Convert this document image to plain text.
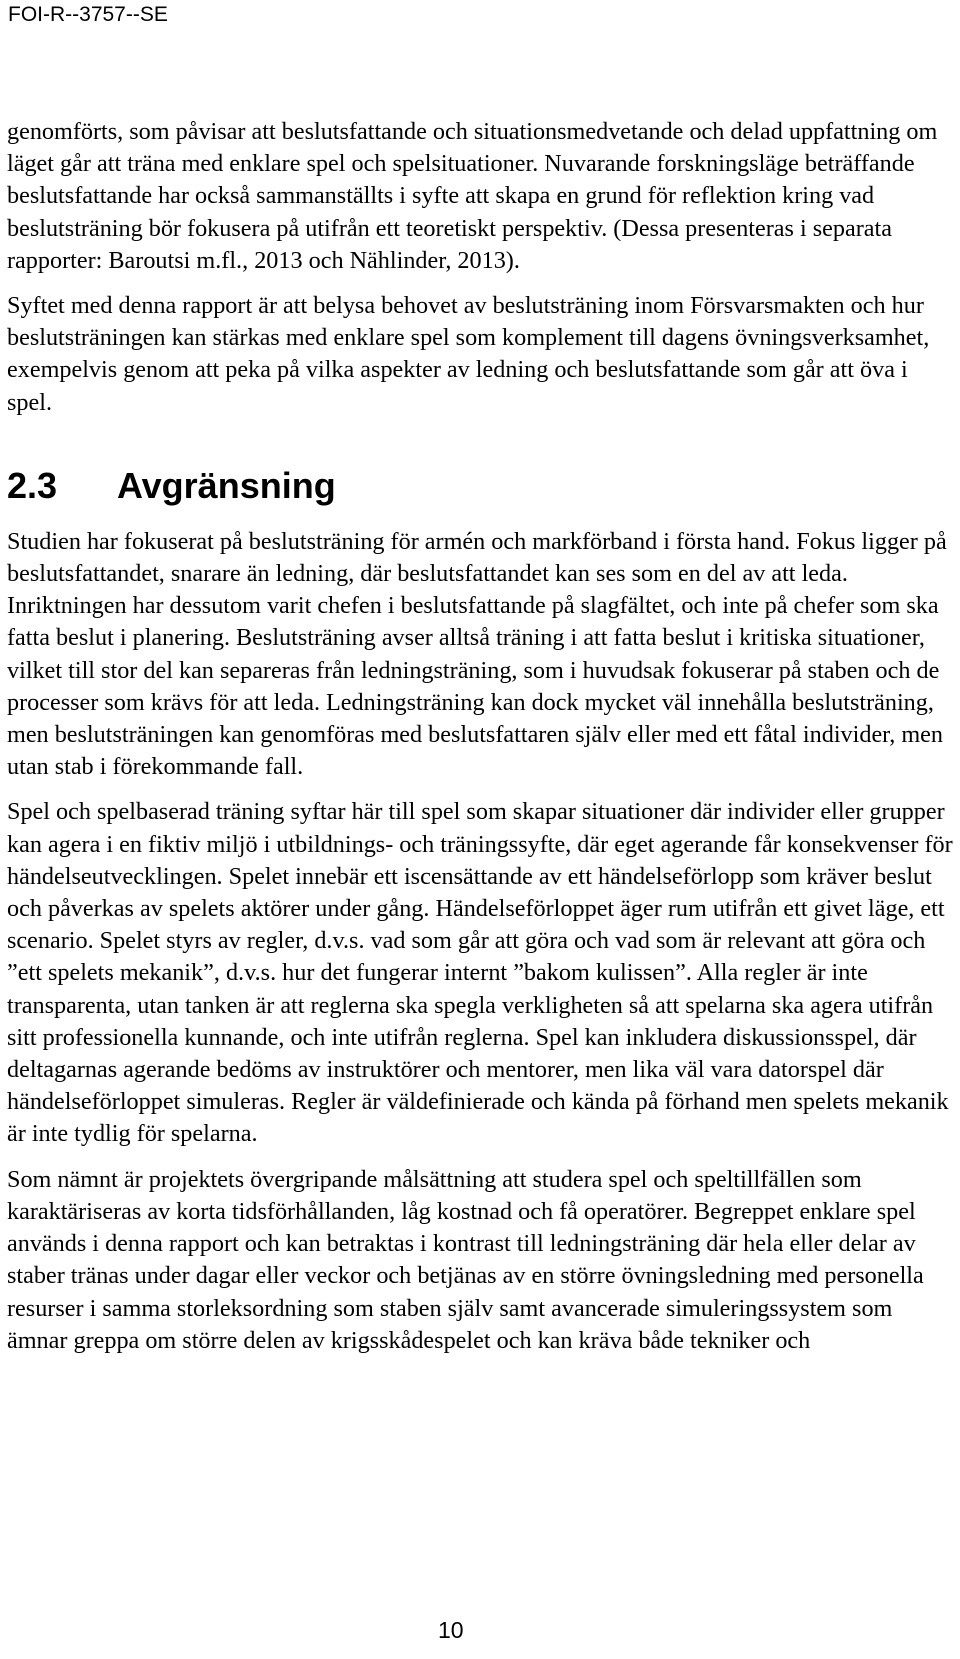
FOI-R--3757--SE

genomförts, som påvisar att beslutsfattande och situationsmedvetande och delad uppfattning om läget går att träna med enklare spel och spelsituationer. Nuvarande forskningsläge beträffande beslutsfattande har också sammanställts i syfte att skapa en grund för reflektion kring vad beslutsträning bör fokusera på utifrån ett teoretiskt perspektiv. (Dessa presenteras i separata rapporter: Baroutsi m.fl., 2013 och Nählinder, 2013).

Syftet med denna rapport är att belysa behovet av beslutsträning inom Försvarsmakten och hur beslutsträningen kan stärkas med enklare spel som komplement till dagens övningsverksamhet, exempelvis genom att peka på vilka aspekter av ledning och beslutsfattande som går att öva i spel.

2.3	Avgränsning

Studien har fokuserat på beslutsträning för armén och markförband i första hand. Fokus ligger på beslutsfattandet, snarare än ledning, där beslutsfattandet kan ses som en del av att leda. Inriktningen har dessutom varit chefen i beslutsfattande på slagfältet, och inte på chefer som ska fatta beslut i planering. Beslutsträning avser alltså träning i att fatta beslut i kritiska situationer, vilket till stor del kan separeras från ledningsträning, som i huvudsak fokuserar på staben och de processer som krävs för att leda. Ledningsträning kan dock mycket väl innehålla beslutsträning, men beslutsträningen kan genomföras med beslutsfattaren själv eller med ett fåtal individer, men utan stab i förekommande fall.

Spel och spelbaserad träning syftar här till spel som skapar situationer där individer eller grupper kan agera i en fiktiv miljö i utbildnings- och träningssyfte, där eget agerande får konsekvenser för händelseutvecklingen. Spelet innebär ett iscensättande av ett händelseförlopp som kräver beslut och påverkas av spelets aktörer under gång. Händelseförloppet äger rum utifrån ett givet läge, ett scenario. Spelet styrs av regler, d.v.s. vad som går att göra och vad som är relevant att göra och ”ett spelets mekanik”, d.v.s. hur det fungerar internt ”bakom kulissen”. Alla regler är inte transparenta, utan tanken är att reglerna ska spegla verkligheten så att spelarna ska agera utifrån sitt professionella kunnande, och inte utifrån reglerna. Spel kan inkludera diskussionsspel, där deltagarnas agerande bedöms av instruktörer och mentorer, men lika väl vara datorspel där händelseförloppet simuleras. Regler är väldefinierade och kända på förhand men spelets mekanik är inte tydlig för spelarna.

Som nämnt är projektets övergripande målsättning att studera spel och speltillfällen som karaktäriseras av korta tidsförhållanden, låg kostnad och få operatörer. Begreppet enklare spel används i denna rapport och kan betraktas i kontrast till ledningsträning där hela eller delar av staber tränas under dagar eller veckor och betjänas av en större övningsledning med personella resurser i samma storleksordning som staben själv samt avancerade simuleringssystem som ämnar greppa om större delen av krigsskådespelet och kan kräva både tekniker och

10
